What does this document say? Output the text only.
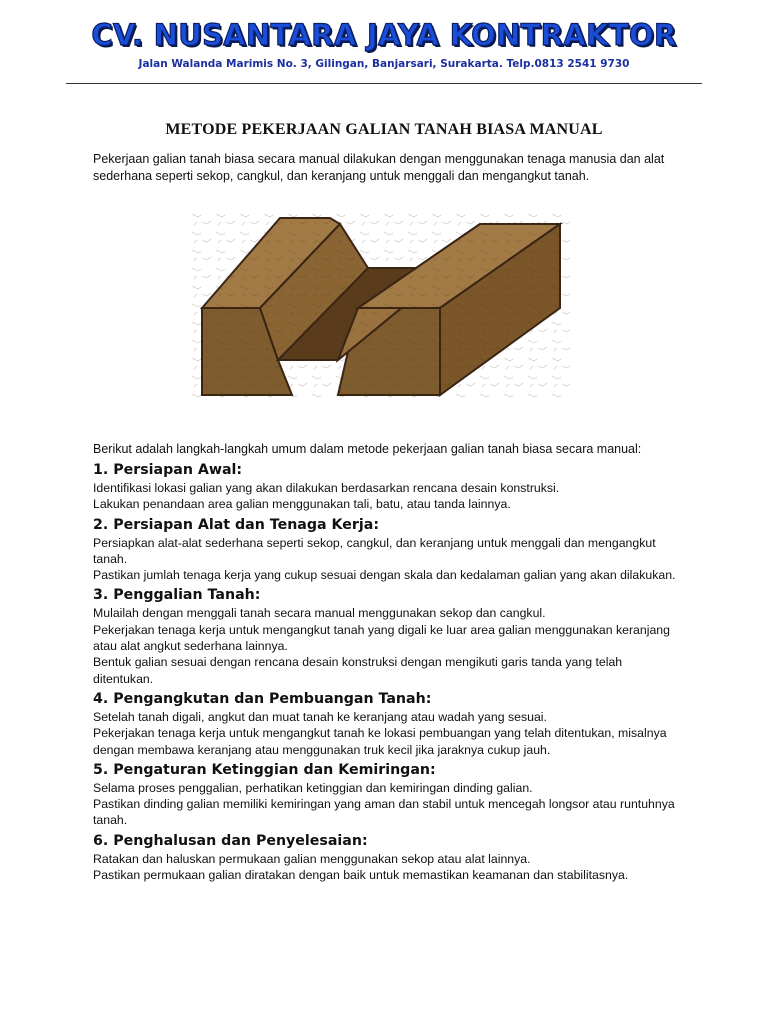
CV. NUSANTARA JAYA KONTRAKTOR
Jalan Walanda Marimis No. 3, Gilingan, Banjarsari, Surakarta. Telp.0813 2541 9730
METODE PEKERJAAN GALIAN TANAH BIASA MANUAL
Pekerjaan galian tanah biasa secara manual dilakukan dengan menggunakan tenaga manusia dan alat sederhana seperti sekop, cangkul, dan keranjang untuk menggali dan mengangkut tanah.

Berikut adalah langkah-langkah umum dalam metode pekerjaan galian tanah biasa secara manual:

1. Persiapan Awal:

Identifikasi lokasi galian yang akan dilakukan berdasarkan rencana desain konstruksi.

Lakukan penandaan area galian menggunakan tali, batu, atau tanda lainnya.

2. Persiapan Alat dan Tenaga Kerja:

Persiapkan alat-alat sederhana seperti sekop, cangkul, dan keranjang untuk menggali dan mengangkut tanah.

Pastikan jumlah tenaga kerja yang cukup sesuai dengan skala dan kedalaman galian yang akan dilakukan.

3. Penggalian Tanah:

Mulailah dengan menggali tanah secara manual menggunakan sekop dan cangkul.

Pekerjakan tenaga kerja untuk mengangkut tanah yang digali ke luar area galian menggunakan keranjang atau alat angkut sederhana lainnya.

Bentuk galian sesuai dengan rencana desain konstruksi dengan mengikuti garis tanda yang telah ditentukan.

4. Pengangkutan dan Pembuangan Tanah:

Setelah tanah digali, angkut dan muat tanah ke keranjang atau wadah yang sesuai.

Pekerjakan tenaga kerja untuk mengangkut tanah ke lokasi pembuangan yang telah ditentukan, misalnya dengan membawa keranjang atau menggunakan truk kecil jika jaraknya cukup jauh.

5. Pengaturan Ketinggian dan Kemiringan:

Selama proses penggalian, perhatikan ketinggian dan kemiringan dinding galian.

Pastikan dinding galian memiliki kemiringan yang aman dan stabil untuk mencegah longsor atau runtuhnya tanah.

6. Penghalusan dan Penyelesaian:

Ratakan dan haluskan permukaan galian menggunakan sekop atau alat lainnya.

Pastikan permukaan galian diratakan dengan baik untuk memastikan keamanan dan stabilitasnya.
